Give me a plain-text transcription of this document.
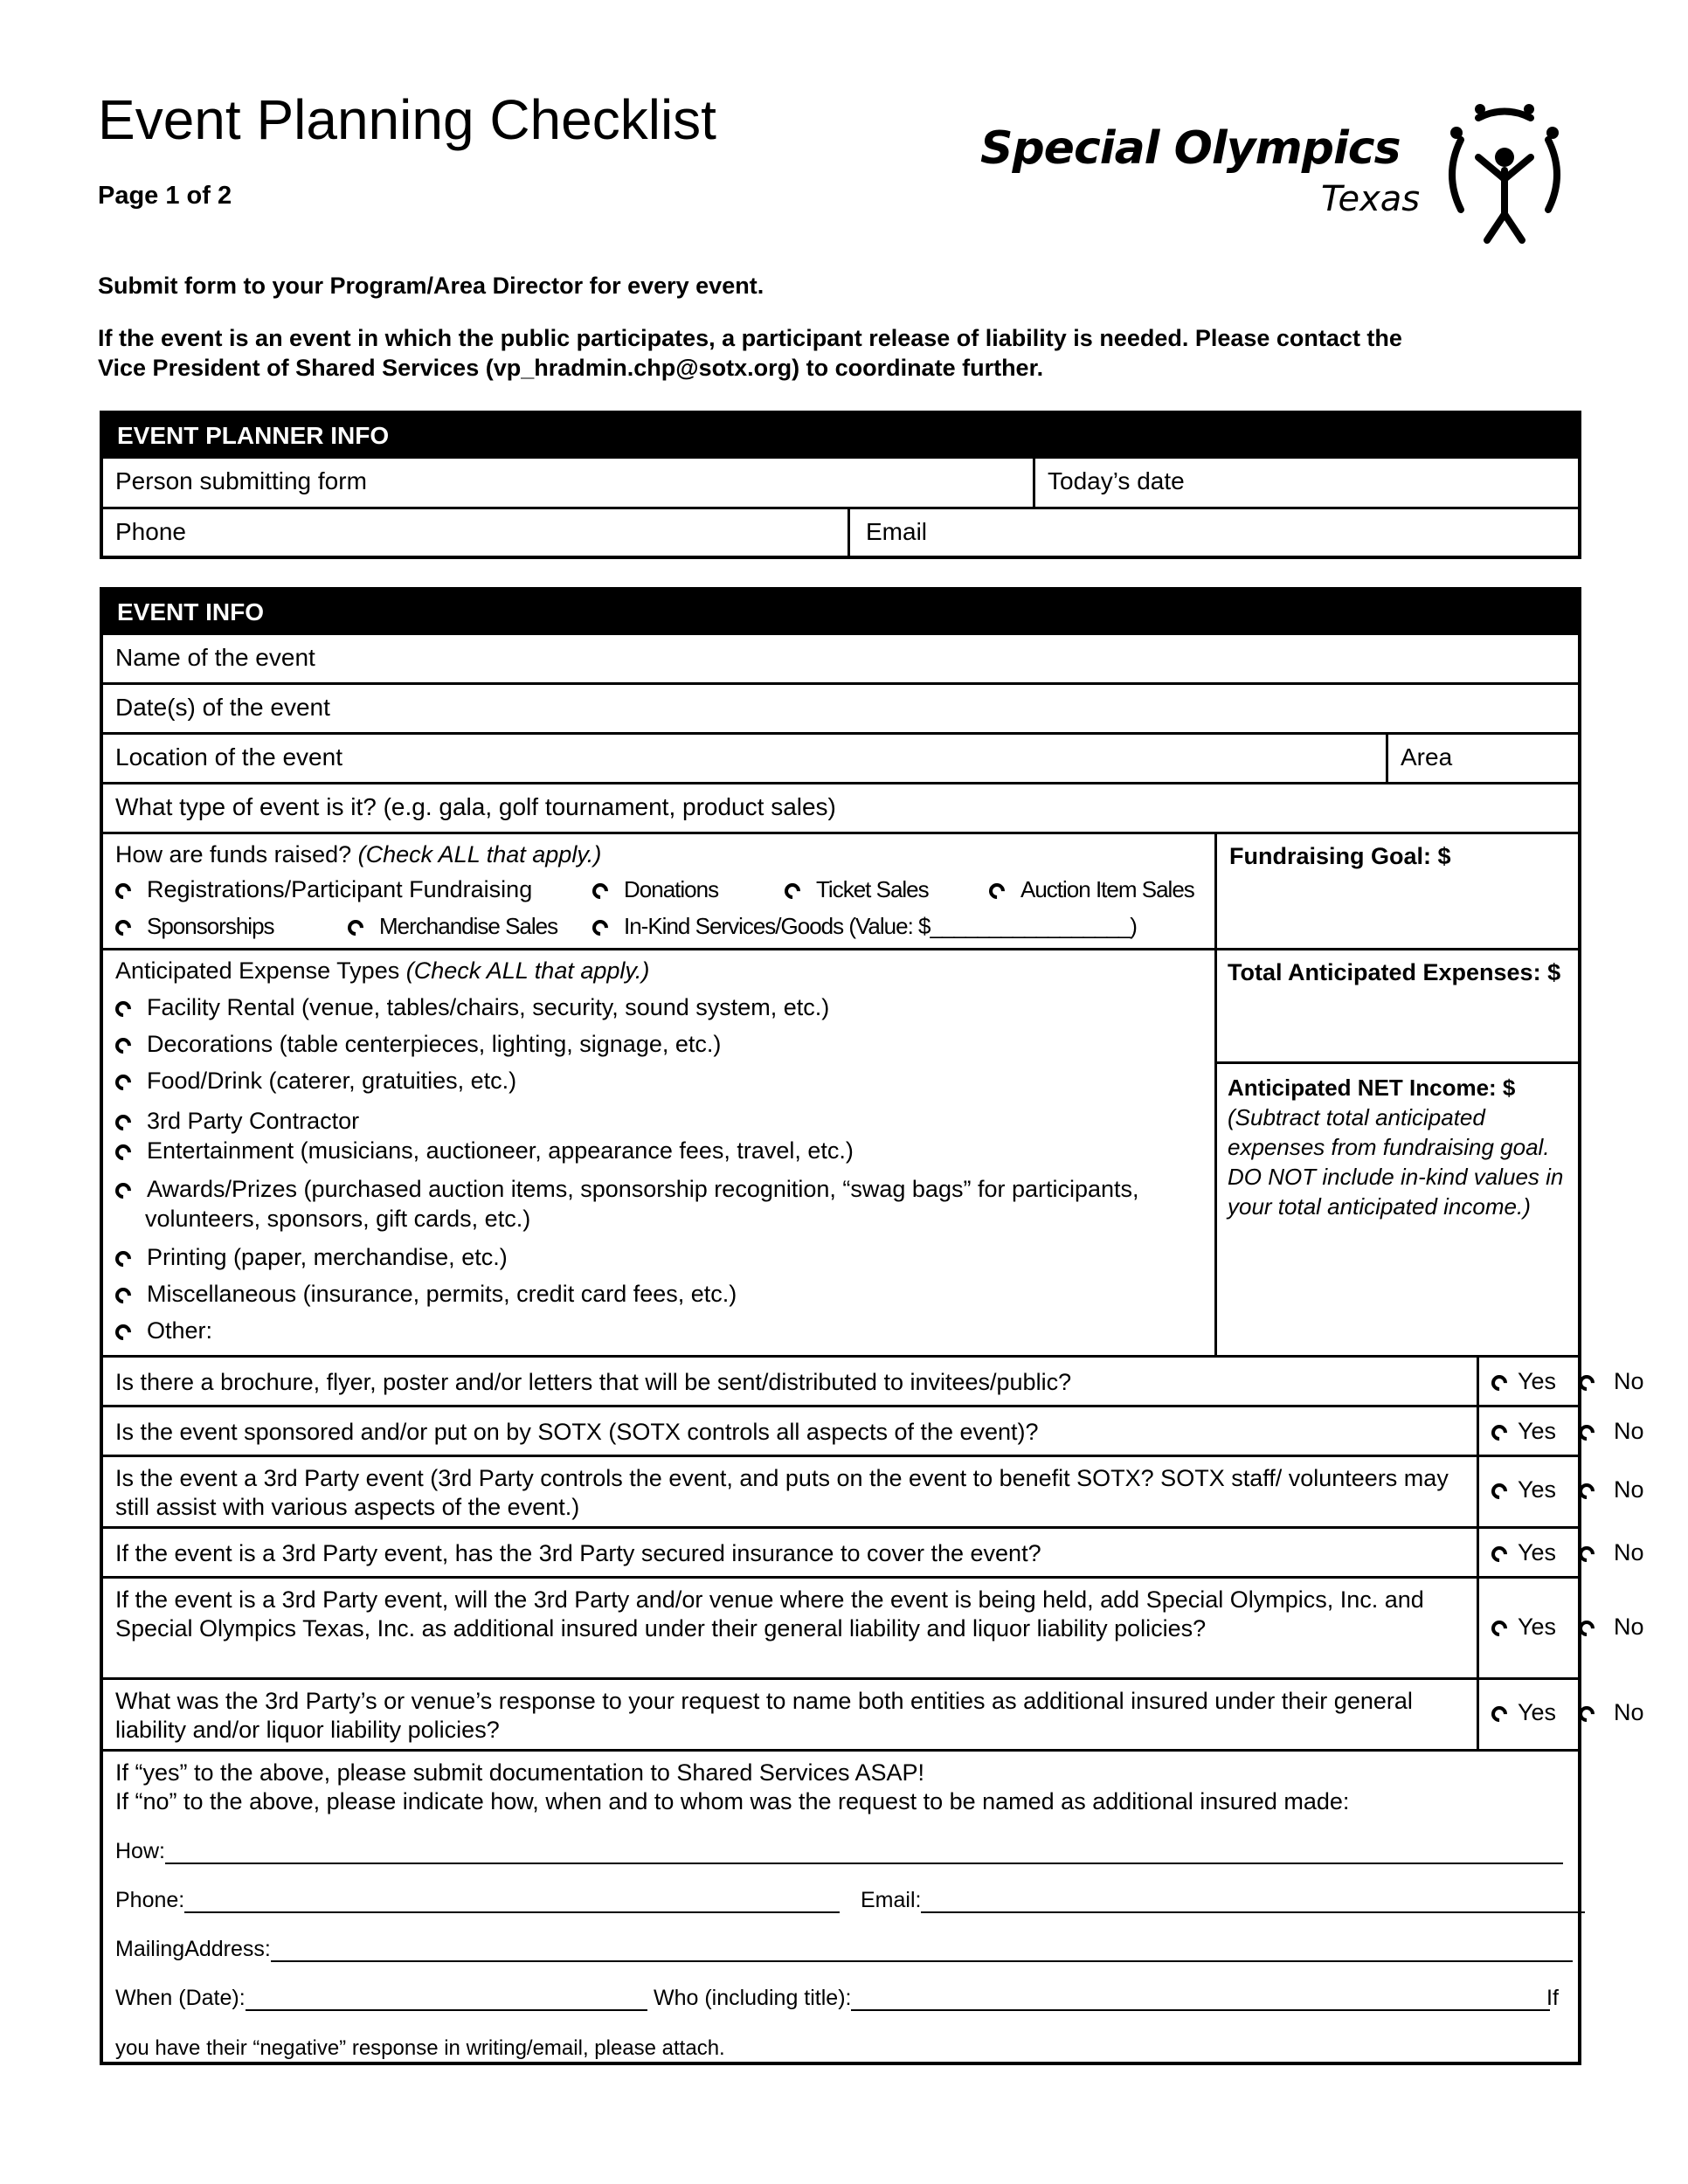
Event Planning Checklist
Page 1 of 2
Special Olympics
Texas
Submit form to your Program/Area Director for every event.
If the event is an event in which the public participates, a participant release of liability is needed. Please contact the
Vice President of Shared Services (vp_hradmin.chp@sotx.org) to coordinate further.
EVENT PLANNER INFO
Person submitting form	Today’s date
Phone	Email
EVENT INFO
Name of the event
Date(s) of the event
Location of the event	Area
What type of event is it? (e.g. gala, golf tournament, product sales)
How are funds raised? (Check ALL that apply.)
Registrations/Participant Fundraising	Donations	Ticket Sales	Auction Item Sales
Sponsorships	Merchandise Sales	In-Kind Services/Goods (Value: $_________________)
Fundraising Goal: $
Anticipated Expense Types (Check ALL that apply.)
Facility Rental (venue, tables/chairs, security, sound system, etc.)
Decorations (table centerpieces, lighting, signage, etc.)
Food/Drink (caterer, gratuities, etc.)
3rd Party Contractor
Entertainment (musicians, auctioneer, appearance fees, travel, etc.)
Awards/Prizes (purchased auction items, sponsorship recognition, “swag bags” for participants,
volunteers, sponsors, gift cards, etc.)
Printing (paper, merchandise, etc.)
Miscellaneous (insurance, permits, credit card fees, etc.)
Other:
Total Anticipated Expenses: $
Anticipated NET Income: $
(Subtract total anticipated
expenses from fundraising goal.
DO NOT include in-kind values in
your total anticipated income.)
Is there a brochure, flyer, poster and/or letters that will be sent/distributed to invitees/public?	Yes No
Is the event sponsored and/or put on by SOTX (SOTX controls all aspects of the event)?	Yes No
Is the event a 3rd Party event (3rd Party controls the event, and puts on the event to benefit SOTX? SOTX staff/ volunteers may still assist with various aspects of the event.)
Yes No
If the event is a 3rd Party event, has the 3rd Party secured insurance to cover the event?	Yes No
If the event is a 3rd Party event, will the 3rd Party and/or venue where the event is being held, add Special Olympics, Inc. and Special Olympics Texas, Inc. as additional insured under their general liability and liquor liability policies?	Yes No
What was the 3rd Party’s or venue’s response to your request to name both entities as additional insured under their general liability and/or liquor liability policies?
Yes No
If “yes” to the above, please submit documentation to Shared Services ASAP!
If “no” to the above, please indicate how, when and to whom was the request to be named as additional insured made:
How:
Phone:	Email:
MailingAddress:
When (Date):	Who (including title):	If
you have their “negative” response in writing/email, please attach.
